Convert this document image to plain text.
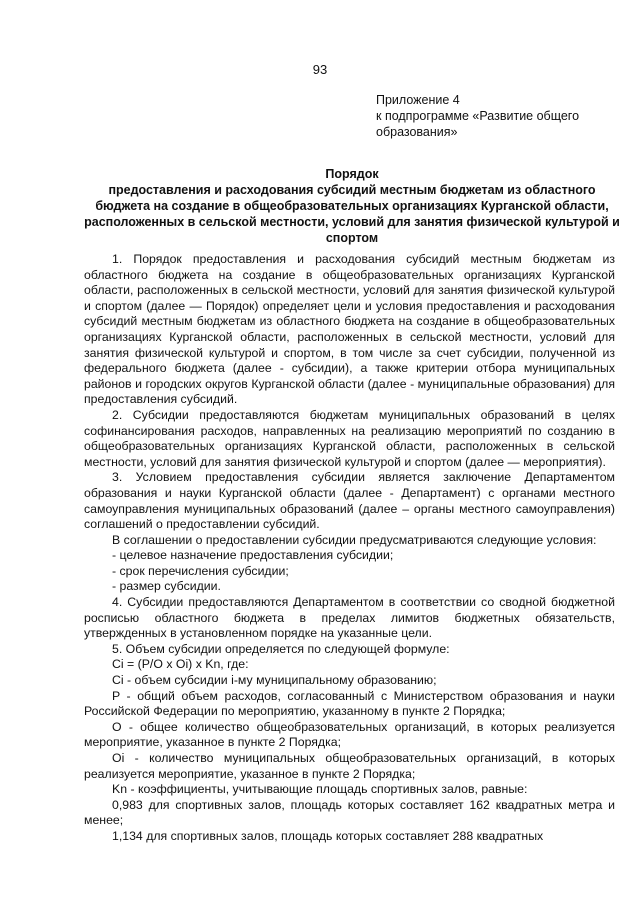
93
Приложение 4
к подпрограмме «Развитие общего
образования»
Порядок
предоставления и расходования субсидий местным бюджетам из областного бюджета на создание в общеобразовательных организациях Курганской области, расположенных в сельской местности, условий для занятия физической культурой и спортом

1. Порядок предоставления и расходования субсидий местным бюджетам из областного бюджета на создание в общеобразовательных организациях Курганской области, расположенных в сельской местности, условий для занятия физической культурой и спортом (далее — Порядок) определяет цели и условия предоставления и расходования субсидий местным бюджетам из областного бюджета на создание в общеобразовательных организациях Курганской области, расположенных в сельской местности, условий для занятия физической культурой и спортом, в том числе за счет субсидии, полученной из федерального бюджета (далее - субсидии), а также критерии отбора муниципальных районов и городских округов Курганской области (далее - муниципальные образования) для предоставления субсидий.

2. Субсидии предоставляются бюджетам муниципальных образований в целях софинансирования расходов, направленных на реализацию мероприятий по созданию в общеобразовательных организациях Курганской области, расположенных в сельской местности, условий для занятия физической культурой и спортом (далее — мероприятия).

3. Условием предоставления субсидии является заключение Департаментом образования и науки Курганской области (далее - Департамент) с органами местного самоуправления муниципальных образований (далее – органы местного самоуправления) соглашений о предоставлении субсидий.

В соглашении о предоставлении субсидии предусматриваются следующие условия:

- целевое назначение предоставления субсидии;

- срок перечисления субсидии;

- размер субсидии.

4. Субсидии предоставляются Департаментом в соответствии со сводной бюджетной росписью областного бюджета в пределах лимитов бюджетных обязательств, утвержденных в установленном порядке на указанные цели.

5. Объем субсидии определяется по следующей формуле:

Ci = (P/O x Oi) x Kn, где:

Ci - объем субсидии i-му муниципальному образованию;

P - общий объем расходов, согласованный с Министерством образования и науки Российской Федерации по мероприятию, указанному в пункте 2 Порядка;

O - общее количество общеобразовательных организаций, в которых реализуется мероприятие, указанное в пункте 2 Порядка;

Oi - количество муниципальных общеобразовательных организаций, в которых реализуется мероприятие, указанное в пункте 2 Порядка;

Kn - коэффициенты, учитывающие площадь спортивных залов, равные:

0,983 для спортивных залов, площадь которых составляет 162 квадратных метра и менее;

1,134 для спортивных залов, площадь которых составляет 288 квадратных
